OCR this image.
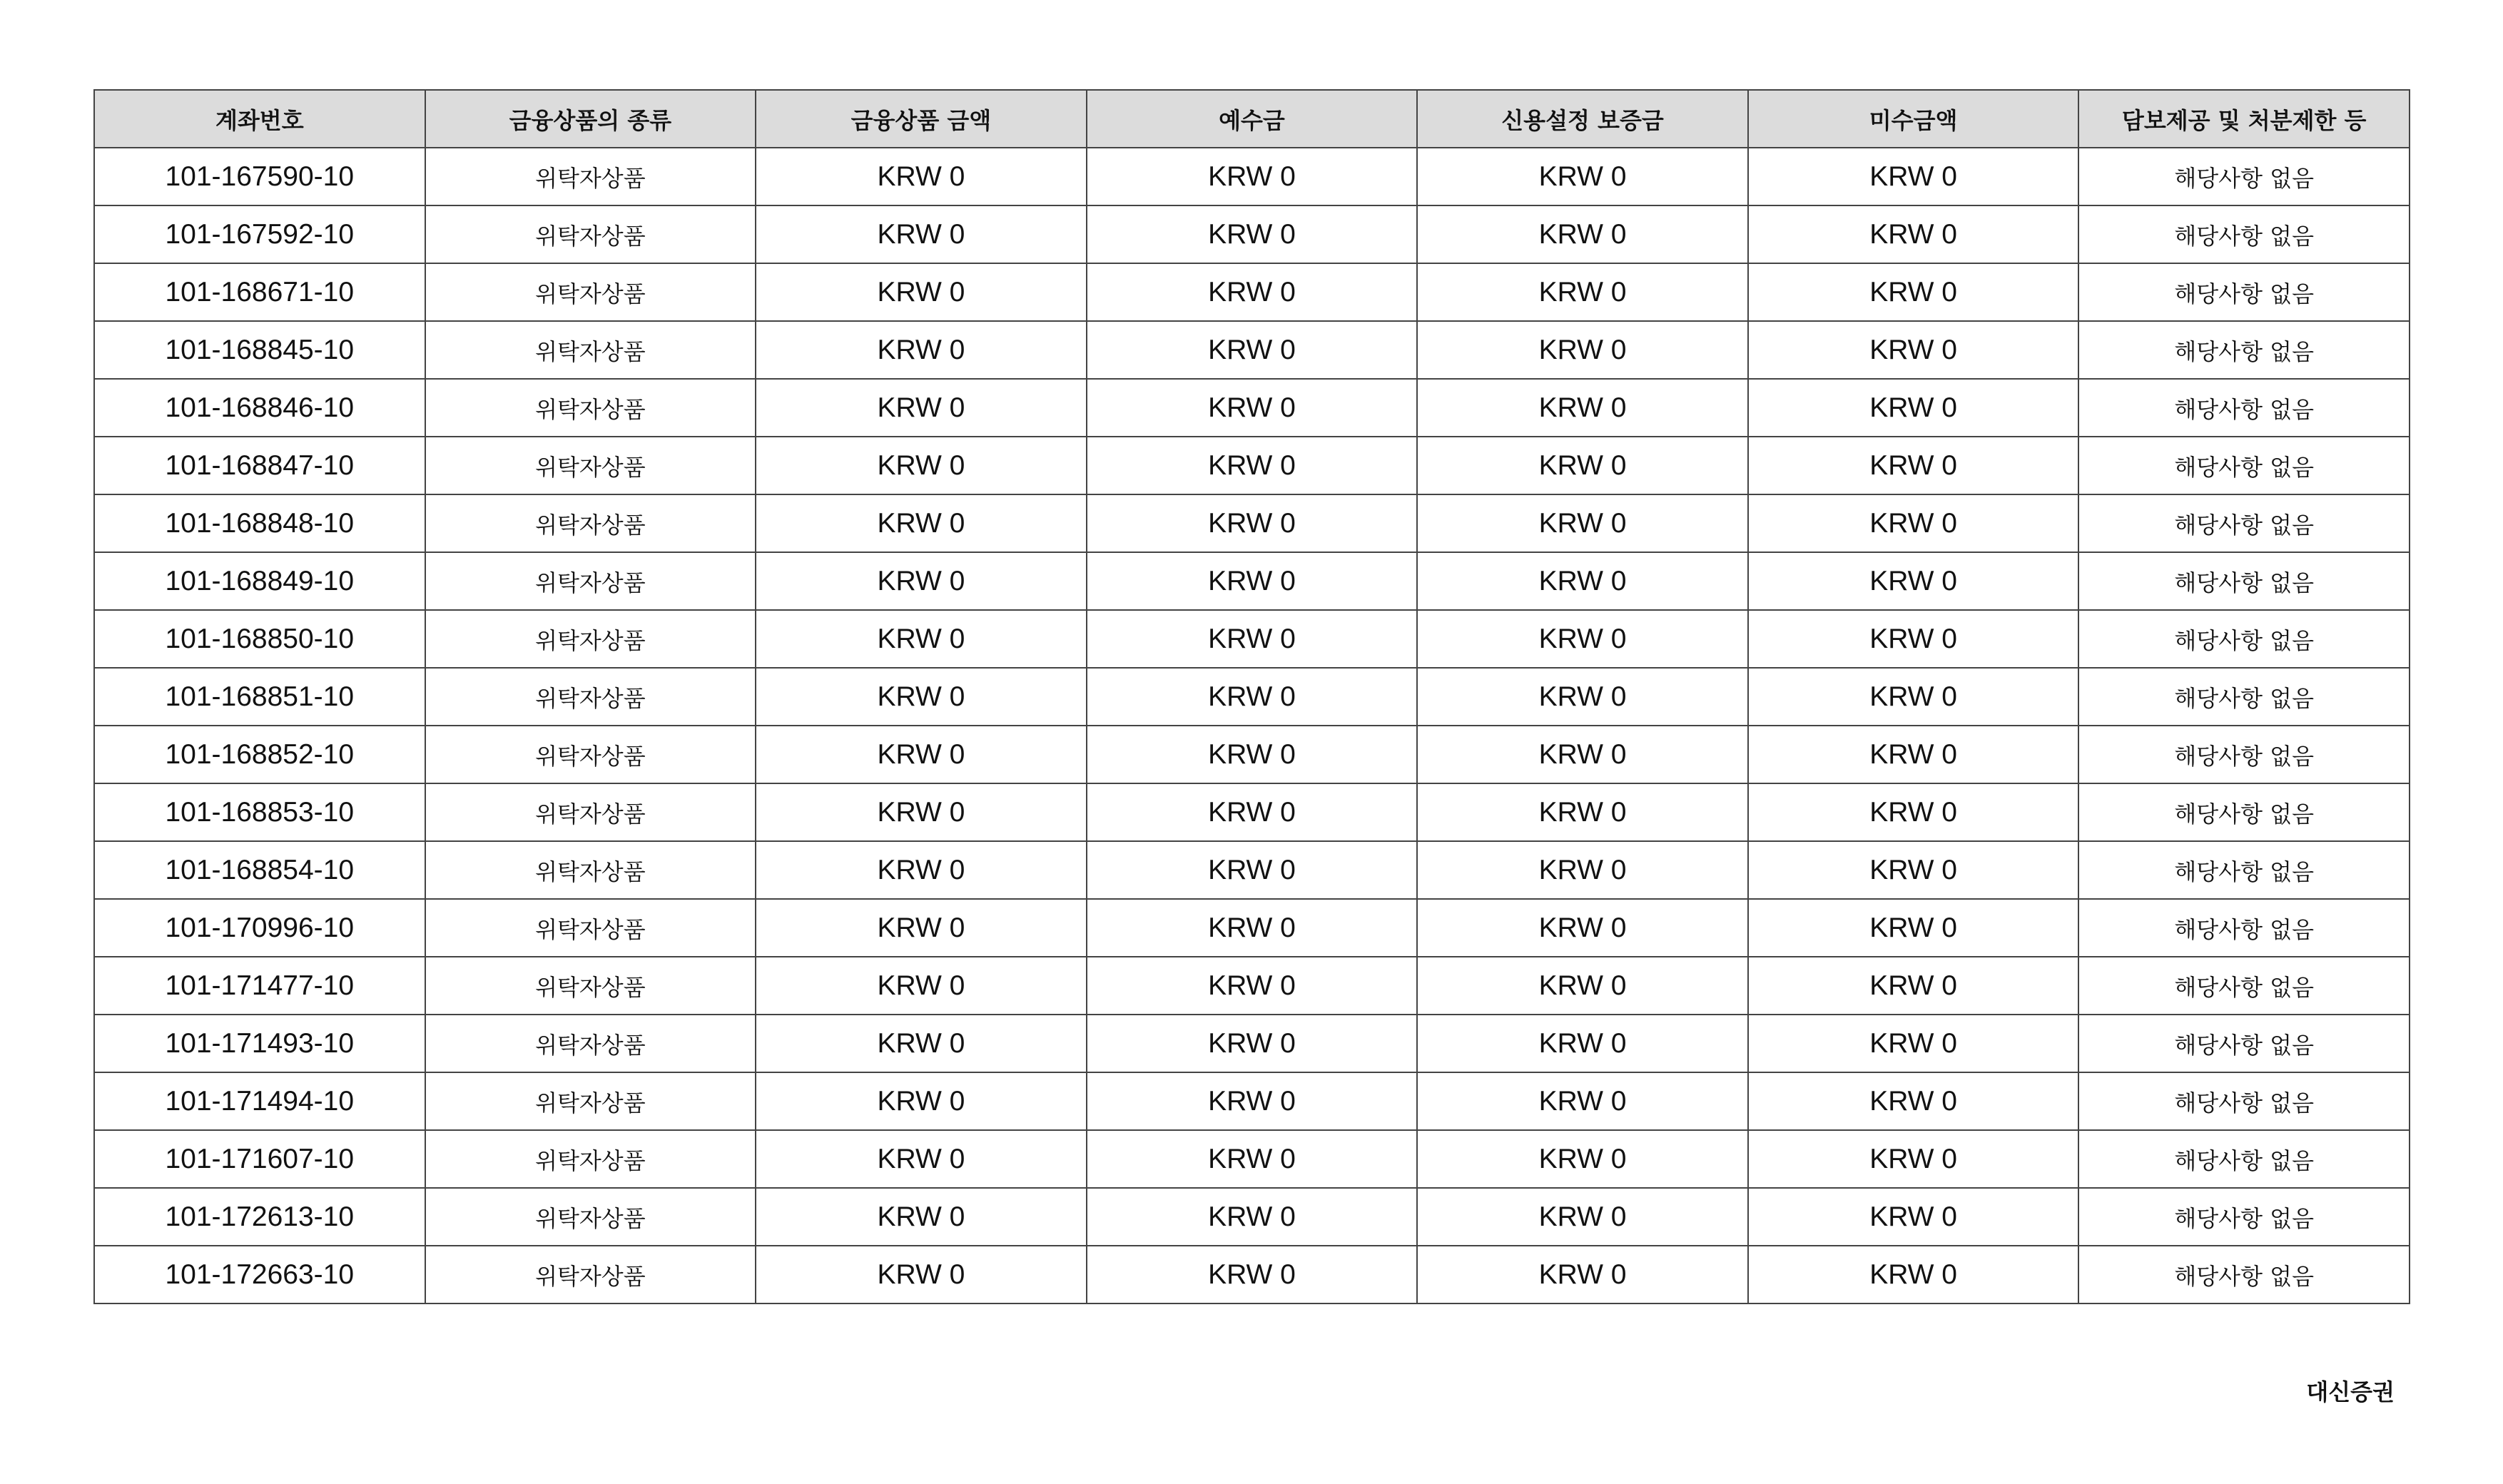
계좌번호	금융상품의 종류	금융상품 금액	예수금	신용설정 보증금	미수금액	담보제공 및 처분제한 등
101-167590-10	위탁자상품	KRW 0	KRW 0	KRW 0	KRW 0	해당사항 없음
101-167592-10	위탁자상품	KRW 0	KRW 0	KRW 0	KRW 0	해당사항 없음
101-168671-10	위탁자상품	KRW 0	KRW 0	KRW 0	KRW 0	해당사항 없음
101-168845-10	위탁자상품	KRW 0	KRW 0	KRW 0	KRW 0	해당사항 없음
101-168846-10	위탁자상품	KRW 0	KRW 0	KRW 0	KRW 0	해당사항 없음
101-168847-10	위탁자상품	KRW 0	KRW 0	KRW 0	KRW 0	해당사항 없음
101-168848-10	위탁자상품	KRW 0	KRW 0	KRW 0	KRW 0	해당사항 없음
101-168849-10	위탁자상품	KRW 0	KRW 0	KRW 0	KRW 0	해당사항 없음
101-168850-10	위탁자상품	KRW 0	KRW 0	KRW 0	KRW 0	해당사항 없음
101-168851-10	위탁자상품	KRW 0	KRW 0	KRW 0	KRW 0	해당사항 없음
101-168852-10	위탁자상품	KRW 0	KRW 0	KRW 0	KRW 0	해당사항 없음
101-168853-10	위탁자상품	KRW 0	KRW 0	KRW 0	KRW 0	해당사항 없음
101-168854-10	위탁자상품	KRW 0	KRW 0	KRW 0	KRW 0	해당사항 없음
101-170996-10	위탁자상품	KRW 0	KRW 0	KRW 0	KRW 0	해당사항 없음
101-171477-10	위탁자상품	KRW 0	KRW 0	KRW 0	KRW 0	해당사항 없음
101-171493-10	위탁자상품	KRW 0	KRW 0	KRW 0	KRW 0	해당사항 없음
101-171494-10	위탁자상품	KRW 0	KRW 0	KRW 0	KRW 0	해당사항 없음
101-171607-10	위탁자상품	KRW 0	KRW 0	KRW 0	KRW 0	해당사항 없음
101-172613-10	위탁자상품	KRW 0	KRW 0	KRW 0	KRW 0	해당사항 없음
101-172663-10	위탁자상품	KRW 0	KRW 0	KRW 0	KRW 0	해당사항 없음
대신증권
